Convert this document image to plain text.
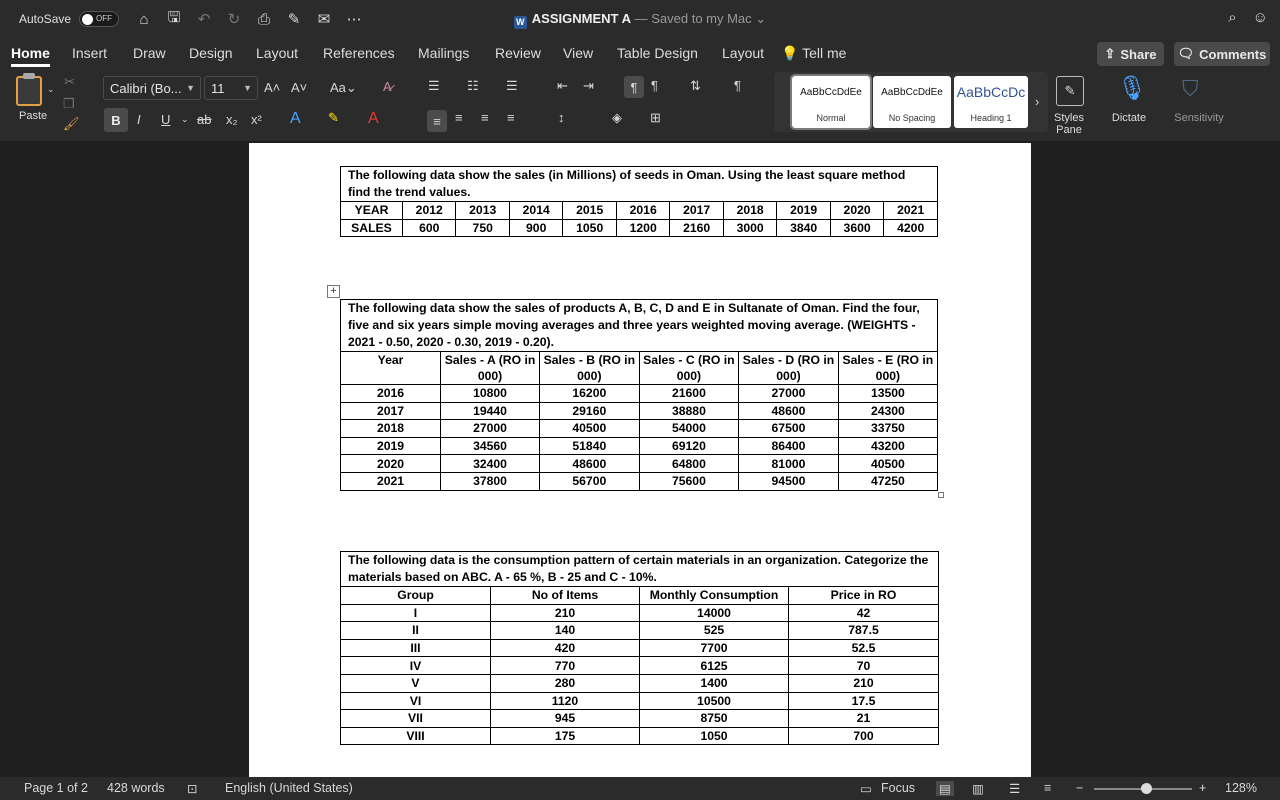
AutoSave	OFF	⌂	🖫	↶	↻	⎙	✎	✉	⋯	W ASSIGNMENT A — Saved to my Mac ⌄	⌕ ☺
Home Insert Draw Design Layout References Mailings Review View Table Design Layout 💡 Tell me	⇪ Share 🗨 Comments
⌄
Paste
✂
❐
🖌
Calibri (Bo... ▼ 11 ▼ A˄ A˅ Aa⌄ A̷
B	I U ⌄ ab x₂ x² A ✎ A
☰ ☷ ☰	⇤ ⇥	¶	¶ ⇅	¶
≡	≡ ≡ ≡	↕	◈ ⊞
AaBbCcDdEe
Normal
AaBbCcDdEe
No Spacing
AaBbCcDc
Heading 1
›
✎
Styles Pane
🎙
Dictate
⛉
Sensitivity
The following data show the sales (in Millions) of seeds in Oman. Using the least square method find the trend values.										
YEAR	2012	2013	2014	2015	2016	2017	2018	2019	2020	2021
SALES	600	750	900	1050	1200	2160	3000	3840	3600	4200
+
The following data show the sales of products A, B, C, D and E in Sultanate of Oman. Find the four, five and six years simple moving averages and three years weighted moving average. (WEIGHTS - 2021 - 0.50, 2020 - 0.30, 2019 - 0.20).					
Year	Sales - A (RO in 000)	Sales - B (RO in 000)	Sales - C (RO in 000)	Sales - D (RO in 000)	Sales - E (RO in 000)
2016	10800	16200	21600	27000	13500
2017	19440	29160	38880	48600	24300
2018	27000	40500	54000	67500	33750
2019	34560	51840	69120	86400	43200
2020	32400	48600	64800	81000	40500
2021	37800	56700	75600	94500	47250
The following data is the consumption pattern of certain materials in an organization. Categorize the materials based on ABC. A - 65 %, B - 25 and C - 10%.			
Group	No of Items	Monthly Consumption	Price in RO
I	210	14000	42
II	140	525	787.5
III	420	7700	52.5
IV	770	6125	70
V	280	1400	210
VI	1120	10500	17.5
VII	945	8750	21
VIII	175	1050	700
Page 1 of 2 428 words ⊡ English (United States)	▭ Focus ▤ ▥ ☰ ≡ −	+ 128%
